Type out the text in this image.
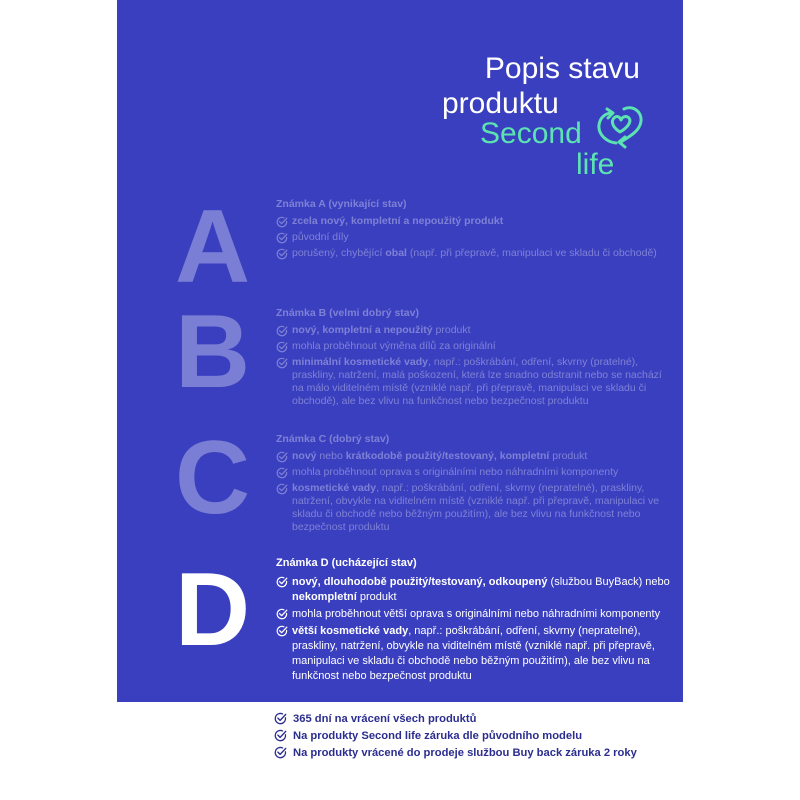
Popis stavu
produktu
Second
life
A
B
C
D
Známka A (vynikající stav)
zcela nový, kompletní a nepoužitý produkt
původní díly
porušený, chybějící obal (např. při přepravě, manipulaci ve skladu či obchodě)
Známka B (velmi dobrý stav)
nový, kompletní a nepoužitý produkt
mohla proběhnout výměna dílů za originální
minimální kosmetické vady, např.: poškrábání, odření, skvrny (pratelné), praskliny, natržení, malá poškození, která lze snadno odstranit nebo se nachází na málo viditelném místě (vzniklé např. při přepravě, manipulaci ve skladu či obchodě), ale bez vlivu na funkčnost nebo bezpečnost produktu
Známka C (dobrý stav)
nový nebo krátkodobě použitý/testovaný, kompletní produkt
mohla proběhnout oprava s originálními nebo náhradními komponenty
kosmetické vady, např.: poškrábání, odření, skvrny (nepratelné), praskliny, natržení, obvykle na viditelném místě (vzniklé např. při přepravě, manipulaci ve skladu či obchodě nebo běžným použitím), ale bez vlivu na funkčnost nebo bezpečnost produktu
Známka D (ucházející stav)
nový, dlouhodobě použitý/testovaný, odkoupený (službou BuyBack) nebo nekompletní produkt
mohla proběhnout větší oprava s originálními nebo náhradními komponenty
větší kosmetické vady, např.: poškrábání, odření, skvrny (nepratelné), praskliny, natržení, obvykle na viditelném místě (vzniklé např. při přepravě, manipulaci ve skladu či obchodě nebo běžným použitím), ale bez vlivu na funkčnost nebo bezpečnost produktu
365 dní na vrácení všech produktů
Na produkty Second life záruka dle původního modelu
Na produkty vrácené do prodeje službou Buy back záruka 2 roky
